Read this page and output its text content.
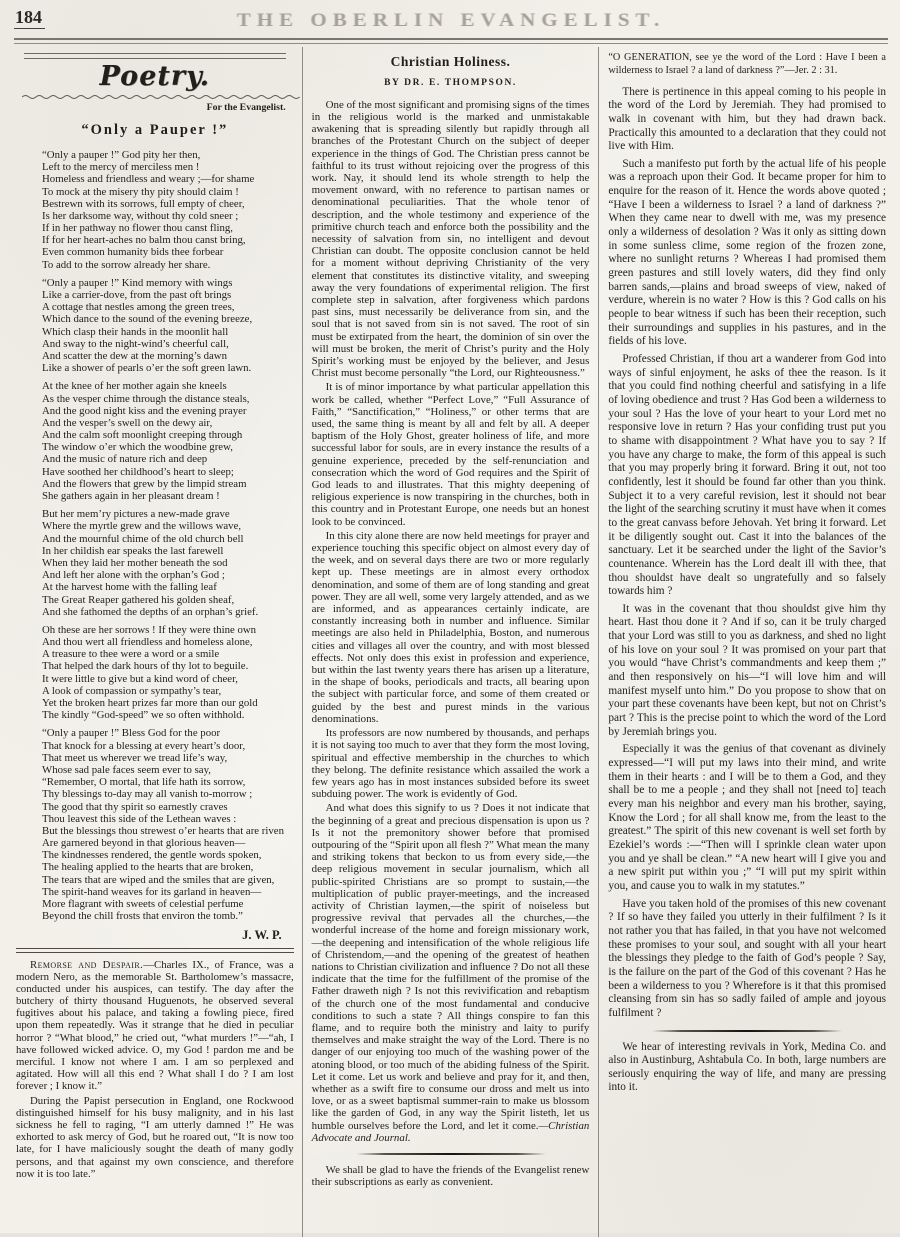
184	THE OBERLIN EVANGELIST.
Poetry.
For the Evangelist.
“Only a Pauper !”
“Only a pauper !” God pity her then,
Left to the mercy of merciless men !
Homeless and friendless and weary ;—for shame
To mock at the misery thy pity should claim !
Bestrewn with its sorrows, full empty of cheer,
Is her darksome way, without thy cold sneer ;
If in her pathway no flower thou canst fling,
If for her heart-aches no balm thou canst bring,
Even common humanity bids thee forbear
To add to the sorrow already her share.
“Only a pauper !” Kind memory with wings
Like a carrier-dove, from the past oft brings
A cottage that nestles among the green trees,
Which dance to the sound of the evening breeze,
Which clasp their hands in the moonlit hall
And sway to the night-wind’s cheerful call,
And scatter the dew at the morning’s dawn
Like a shower of pearls o’er the soft green lawn.
At the knee of her mother again she kneels
As the vesper chime through the distance steals,
And the good night kiss and the evening prayer
And the vesper’s swell on the dewy air,
And the calm soft moonlight creeping through
The window o’er which the woodbine grew,
And the music of nature rich and deep
Have soothed her childhood’s heart to sleep;
And the flowers that grew by the limpid stream
She gathers again in her pleasant dream !
But her mem’ry pictures a new-made grave
Where the myrtle grew and the willows wave,
And the mournful chime of the old church bell
In her childish ear speaks the last farewell
When they laid her mother beneath the sod
And left her alone with the orphan’s God ;
At the harvest home with the falling leaf
The Great Reaper gathered his golden sheaf,
And she fathomed the depths of an orphan’s grief.
Oh these are her sorrows ! If they were thine own
And thou wert all friendless and homeless alone,
A treasure to thee were a word or a smile
That helped the dark hours of thy lot to beguile.
It were little to give but a kind word of cheer,
A look of compassion or sympathy’s tear,
Yet the broken heart prizes far more than our gold
The kindly “God-speed” we so often withhold.
“Only a pauper !” Bless God for the poor
That knock for a blessing at every heart’s door,
That meet us wherever we tread life’s way,
Whose sad pale faces seem ever to say,
“Remember, O mortal, that life hath its sorrow,
Thy blessings to-day may all vanish to-morrow ;
The good that thy spirit so earnestly craves
Thou leavest this side of the Lethean waves :
But the blessings thou strewest o’er hearts that are riven
Are garnered beyond in that glorious heaven—
The kindnesses rendered, the gentle words spoken,
The healing applied to the hearts that are broken,
The tears that are wiped and the smiles that are given,
The spirit-hand weaves for its garland in heaven—
More flagrant with sweets of celestial perfume
Beyond the chill frosts that environ the tomb.”
J. W. P.

Remorse and Despair.—Charles IX., of France, was a modern Nero, as the memorable St. Bartholomew’s massacre, conducted under his auspices, can testify. The day after the butchery of thirty thousand Huguenots, he observed several fugitives about his palace, and taking a fowling piece, fired upon them repeatedly. Was it strange that he died in peculiar horror ? “What blood,” he cried out, “what murders !”—“ah, I have followed wicked advice. O, my God ! pardon me and be merciful. I know not where I am. I am so perplexed and agitated. How will all this end ? What shall I do ? I am lost forever ; I know it.”

During the Papist persecution in England, one Rockwood distinguished himself for his busy malignity, and in his last sickness he fell to raging, “I am utterly damned !” He was exhorted to ask mercy of God, but he roared out, “It is now too late, for I have maliciously sought the death of many godly persons, and that against my own conscience, and therefore now it is too late.”

Christian Holiness.
BY DR. E. THOMPSON.

One of the most significant and promising signs of the times in the religious world is the marked and unmistakable awakening that is spreading silently but rapidly through all branches of the Protestant Church on the subject of deeper experience in the things of God. The Christian press cannot be faithful to its trust without rejoicing over the progress of this work. Nay, it should lend its whole strength to help the movement onward, with no reference to partisan names or denominational peculiarities. That the whole tenor of description, and the whole testimony and experience of the primitive church teach and enforce both the possibility and the necessity of salvation from sin, no intelligent and devout Christian can doubt. The opposite conclusion cannot be held for a moment without depriving Christianity of the very element that constitutes its distinctive vitality, and sweeping away the very foundations of experimental religion. The first complete step in salvation, after forgiveness which pardons past sins, must necessarily be deliverance from sin, and the soul that is not saved from sin is not saved. The root of sin must be extirpated from the heart, the dominion of sin over the will must be broken, the merit of Christ’s purity and the Holy Spirit’s working must be enjoyed by the believer, and Jesus Christ must become personally “the Lord, our Righteousness.”

It is of minor importance by what particular appellation this work be called, whether “Perfect Love,” “Full Assurance of Faith,” “Sanctification,” “Holiness,” or other terms that are used, the same thing is meant by all and felt by all. A deeper baptism of the Holy Ghost, greater holiness of life, and more successful labor for souls, are in every instance the results of a genuine experience, preceded by the self-renunciation and consecration which the word of God requires and the Spirit of God leads to and illustrates. That this mighty deepening of religious experience is now transpiring in the churches, both in this country and in Protestant Europe, one needs but an honest look to be convinced.

In this city alone there are now held meetings for prayer and experience touching this specific object on almost every day of the week, and on several days there are two or more regularly kept up. These meetings are in almost every orthodox denomination, and some of them are of long standing and great power. They are all well, some very largely attended, and as we are informed, and as appearances certainly indicate, are constantly increasing both in number and influence. Similar meetings are also held in Philadelphia, Boston, and numerous cities and villages all over the country, and with most blessed effects. Not only does this exist in profession and experience, but within the last twenty years there has arisen up a literature, in the shape of books, periodicals and tracts, all bearing upon the subject with particular force, and some of them created or guided by the best and purest minds in the various denominations.

Its professors are now numbered by thousands, and perhaps it is not saying too much to aver that they form the most loving, spiritual and effective membership in the churches to which they belong. The definite resistance which assailed the work a few years ago has in most instances subsided before its sweet subduing power. The work is evidently of God.

And what does this signify to us ? Does it not indicate that the beginning of a great and precious dispensation is upon us ? Is it not the premonitory shower before that promised outpouring of the “Spirit upon all flesh ?” What mean the many and striking tokens that beckon to us from every side,—the deep religious movement in secular journalism, which all public-spirited Christians are so prompt to sustain,—the multiplication of public prayer-meetings, and the increased activity of Christian laymen,—the spirit of noiseless but progressive revival that pervades all the churches,—the wonderful increase of the home and foreign missionary work,—the deepening and intensification of the whole religious life of Christendom,—and the opening of the greatest of heathen nations to Christian civilization and influence ? Do not all these indicate that the time for the fulfillment of the promise of the Father draweth nigh ? Is not this revivification and rebaptism of the church one of the most fundamental and conducive conditions to such a state ? All things conspire to fan this flame, and to require both the ministry and laity to purify themselves and make straight the way of the Lord. There is no danger of our enjoying too much of the washing power of the atoning blood, or too much of the abiding fulness of the Spirit. Let it come. Let us work and believe and pray for it, and then, whether as a swift fire to consume our dross and melt us into love, or as a sweet baptismal summer-rain to make us blossom like the garden of God, in any way the Spirit listeth, let us humble ourselves before the Lord, and let it come.—Christian Advocate and Journal.

We shall be glad to have the friends of the Evangelist renew their subscriptions as early as convenient.

“O GENERATION, see ye the word of the Lord : Have I been a wilderness to Israel ? a land of darkness ?”—Jer. 2 : 31.

There is pertinence in this appeal coming to his people in the word of the Lord by Jeremiah. They had promised to walk in covenant with him, but they had drawn back. Practically this amounted to a declaration that they could not live with Him.

Such a manifesto put forth by the actual life of his people was a reproach upon their God. It became proper for him to enquire for the reason of it. Hence the words above quoted ; “Have I been a wilderness to Israel ? a land of darkness ?” When they came near to dwell with me, was my presence only a wilderness of desolation ? Was it only as sitting down in some sunless clime, some region of the frozen zone, where no sunlight returns ? Whereas I had promised them green pastures and still lovely waters, did they find only barren sands,—plains and broad sweeps of view, naked of verdure, wherein is no water ? How is this ? God calls on his people to bear witness if such has been their reception, such their surroundings and supplies in his pastures, and in the fields of his love.

Professed Christian, if thou art a wanderer from God into ways of sinful enjoyment, he asks of thee the reason. Is it that you could find nothing cheerful and satisfying in a life of loving obedience and trust ? Has God been a wilderness to your soul ? Has the love of your heart to your Lord met no responsive love in return ? Has your confiding trust put you to shame with disappointment ? What have you to say ? If you have any charge to make, the form of this appeal is such that you may properly bring it forward. Bring it out, not too confidently, lest it should be found far other than you think. Subject it to a very careful revision, lest it should not bear the light of the searching scrutiny it must have when it comes to the great canvass before Jehovah. Yet bring it forward. Let it be diligently sought out. Cast it into the balances of the sanctuary. Let it be searched under the light of the Savior’s countenance. Wherein has the Lord dealt ill with thee, that thou shouldst have dealt so ungratefully and so falsely towards him ?

It was in the covenant that thou shouldst give him thy heart. Hast thou done it ? And if so, can it be truly charged that your Lord was still to you as darkness, and shed no light of his love on your soul ? It was promised on your part that you would “have Christ’s commandments and keep them ;” and then responsively on his—“I will love him and will manifest myself unto him.” Do you propose to show that on your part these covenants have been kept, but not on Christ’s part ? This is the precise point to which the word of the Lord by Jeremiah brings you.

Especially it was the genius of that covenant as divinely expressed—“I will put my laws into their mind, and write them in their hearts : and I will be to them a God, and they shall be to me a people ; and they shall not [need to] teach every man his neighbor and every man his brother, saying, Know the Lord ; for all shall know me, from the least to the greatest.” The spirit of this new covenant is well set forth by Ezekiel’s words :—“Then will I sprinkle clean water upon you and ye shall be clean.” “A new heart will I give you and a new spirit put within you ;” “I will put my spirit within you, and cause you to walk in my statutes.”

Have you taken hold of the promises of this new covenant ? If so have they failed you utterly in their fulfilment ? Is it not rather you that has failed, in that you have not welcomed these promises to your soul, and sought with all your heart the blessings they pledge to the faith of God’s people ? Say, is the failure on the part of the God of this covenant ? Has he been a wilderness to you ? Wherefore is it that this promised cleansing from sin has so sadly failed of ample and joyous fulfilment ?

We hear of interesting revivals in York, Medina Co. and also in Austinburg, Ashtabula Co. In both, large numbers are seriously enquiring the way of life, and many are pressing into it.
